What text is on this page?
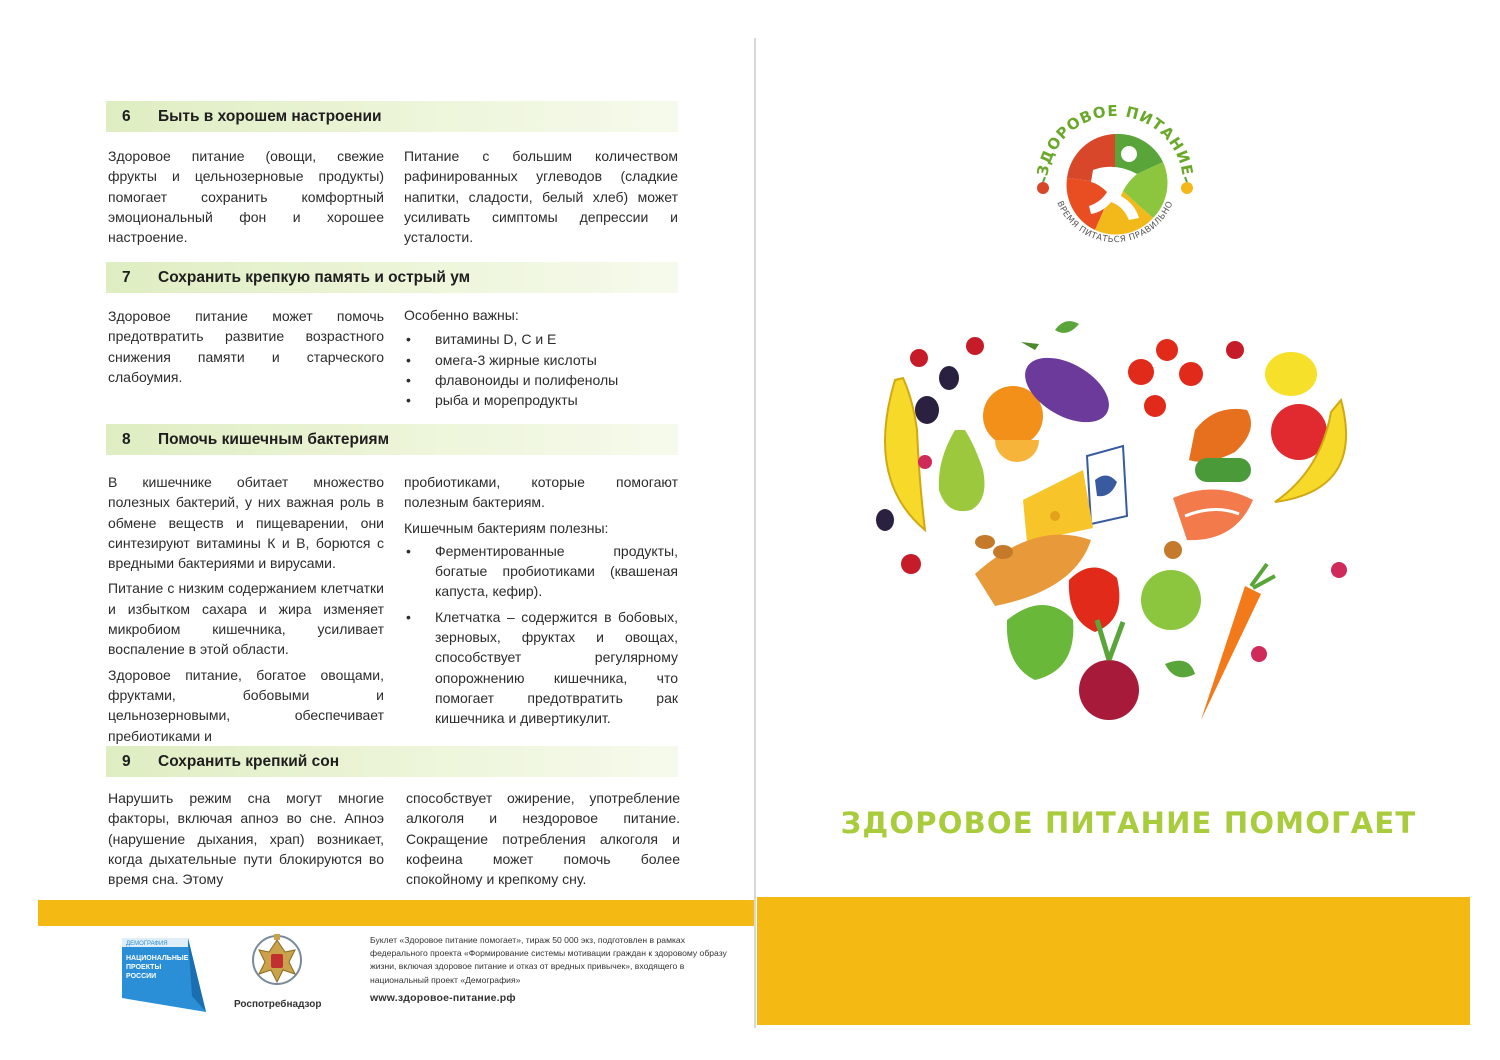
6	Быть в хорошем настроении

Здоровое питание (овощи, свежие фрукты и цельнозерновые продукты) помогает сохранить комфортный эмоциональный фон и хорошее настроение.

Питание с большим количеством рафинированных углеводов (сладкие напитки, сладости, белый хлеб) может усиливать симптомы депрессии и усталости.

7	Сохранить крепкую память и острый ум

Здоровое питание может помочь предотвратить развитие возрастного снижения памяти и старческого слабоумия.

Особенно важны:

• витамины D, C и E
• омега-3 жирные кислоты
• флавоноиды и полифенолы
• рыба и морепродукты
8	Помочь кишечным бактериям

В кишечнике обитает множество полезных бактерий, у них важная роль в обмене веществ и пищеварении, они синтезируют витамины К и В, борются с вредными бактериями и вирусами.

Питание с низким содержанием клетчатки и избытком сахара и жира изменяет микробиом кишечника, усиливает воспаление в этой области.

Здоровое питание, богатое овощами, фруктами, бобовыми и цельнозерновыми, обеспечивает пребиотиками и

пробиотиками, которые помогают полезным бактериям.

Кишечным бактериям полезны:

• Ферментированные продукты, богатые пробиотиками (квашеная капуста, кефир).
• Клетчатка – содержится в бобовых, зерновых, фруктах и овощах, способствует регулярному опорожнению кишечника, что помогает предотвратить рак кишечника и дивертикулит.
9	Сохранить крепкий сон

Нарушить режим сна могут многие факторы, включая апноэ во сне. Апноэ (нарушение дыхания, храп) возникает, когда дыхательные пути блокируются во время сна. Этому

способствует ожирение, употребление алкоголя и нездоровое питание. Сокращение потребления алкоголя и кофеина может помочь более спокойному и крепкому сну.

ДЕМОГРАФИЯ
НАЦИОНАЛЬНЫЕ
ПРОЕКТЫ
РОССИИ
Роспотребнадзор
Буклет «Здоровое питание помогает», тираж 50 000 экз, подготовлен в рамках федерального проекта «Формирование системы мотивации граждан к здоровому образу жизни, включая здоровое питание и отказ от вредных привычек», входящего в национальный проект «Демография»
www.здоровое-питание.рф
ЗДОРОВОЕ ПИТАНИЕ
ВРЕМЯ ПИТАТЬСЯ ПРАВИЛЬНО
ЗДОРОВОЕ ПИТАНИЕ ПОМОГАЕТ
